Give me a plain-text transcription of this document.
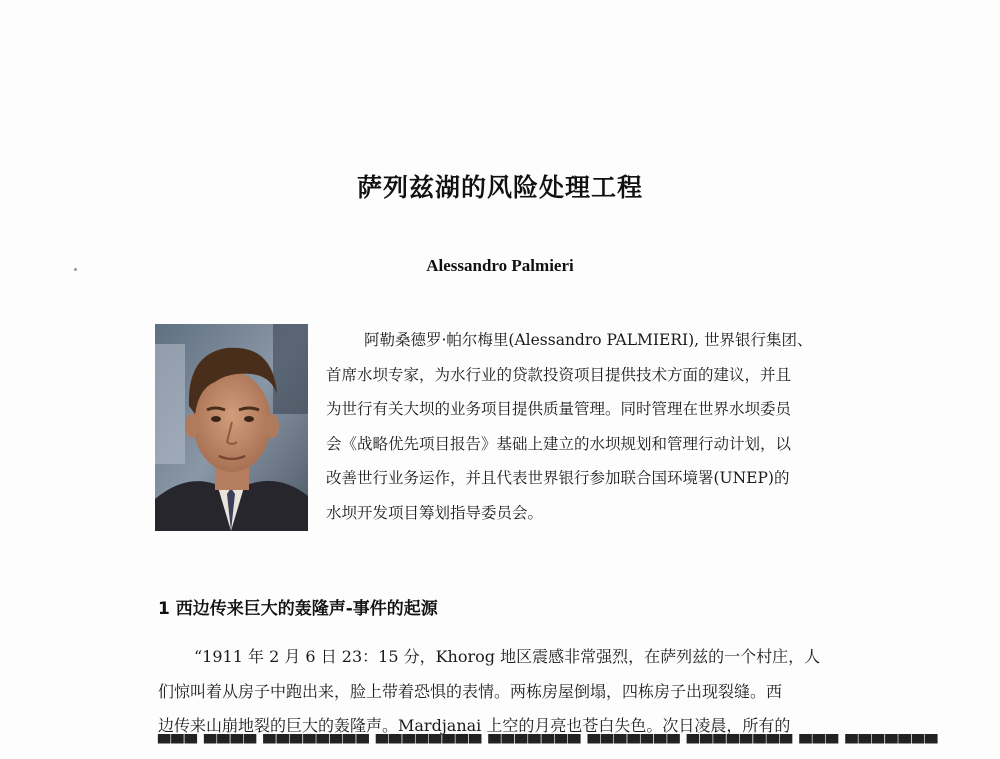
萨列兹湖的风险处理工程
Alessandro Palmieri
阿勒桑德罗·帕尔梅里(Alessandro PALMIERI), 世界银行集团、
首席水坝专家，为水行业的贷款投资项目提供技术方面的建议，并且
为世行有关大坝的业务项目提供质量管理。同时管理在世界水坝委员
会《战略优先项目报告》基础上建立的水坝规划和管理行动计划，以
改善世行业务运作，并且代表世界银行参加联合国环境署(UNEP)的
水坝开发项目筹划指导委员会。
1 西边传来巨大的轰隆声-事件的起源
“1911 年 2 月 6 日 23：15 分，Khorog 地区震感非常强烈，在萨列兹的一个村庄，人
们惊叫着从房子中跑出来，脸上带着恐惧的表情。两栋房屋倒塌，四栋房子出现裂缝。西
边传来山崩地裂的巨大的轰隆声。Mardjanai 上空的月亮也苍白失色。次日凌晨，所有的
▀▀▀ ▀▀▀▀ ▀▀▀▀▀▀▀▀ ▀▀▀▀▀▀▀▀ ▀▀▀▀▀▀▀ ▀▀▀▀▀▀▀ ▀▀▀▀▀▀▀▀ ▀▀▀ ▀▀▀▀▀▀▀
